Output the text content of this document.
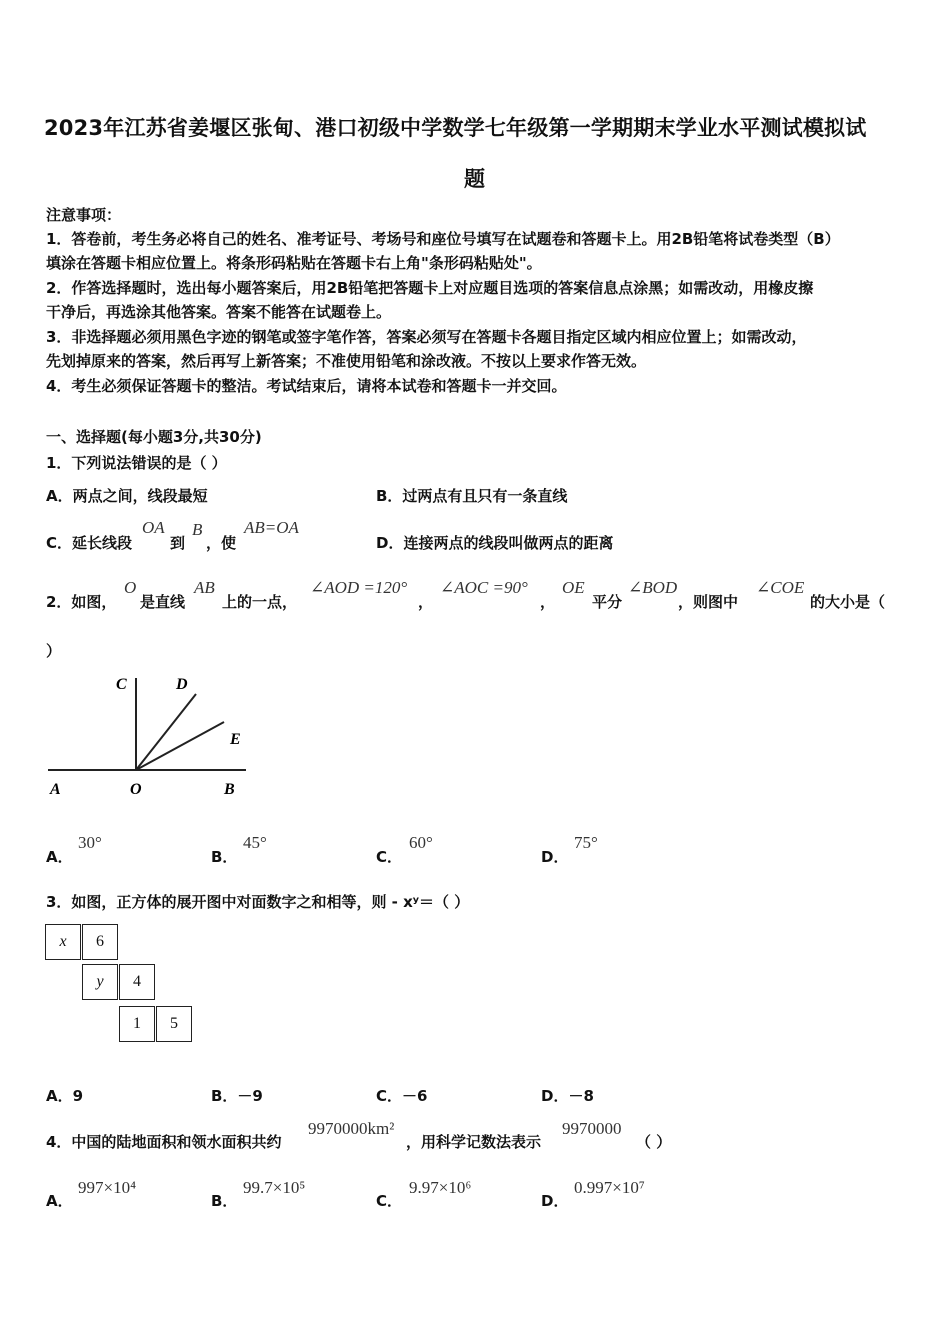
2023年江苏省姜堰区张甸、港口初级中学数学七年级第一学期期末学业水平测试模拟试
题
注意事项：
1．答卷前，考生务必将自己的姓名、准考证号、考场号和座位号填写在试题卷和答题卡上。用2B铅笔将试卷类型（B）
填涂在答题卡相应位置上。将条形码粘贴在答题卡右上角"条形码粘贴处"。
2．作答选择题时，选出每小题答案后，用2B铅笔把答题卡上对应题目选项的答案信息点涂黑；如需改动，用橡皮擦
干净后，再选涂其他答案。答案不能答在试题卷上。
3．非选择题必须用黑色字迹的钢笔或签字笔作答，答案必须写在答题卡各题目指定区域内相应位置上；如需改动，
先划掉原来的答案，然后再写上新答案；不准使用铅笔和涂改液。不按以上要求作答无效。
4．考生必须保证答题卡的整洁。考试结束后，请将本试卷和答题卡一并交回。
一、选择题(每小题3分,共30分)
1．下列说法错误的是（ ）
A．两点之间，线段最短	B．过两点有且只有一条直线
C．延长线段
OA
到
B
，使
AB=OA
D．连接两点的线段叫做两点的距离
2．如图，
O
是直线
AB
上的一点，
∠AOD =120°
，
∠AOC =90°
，
OE
平分
∠BOD
，则图中
∠COE
的大小是（
）
C	D
E
A	O	B
A．
30°
B．
45°
C．
60°
D．
75°
3．如图，正方体的展开图中对面数字之和相等，则 - xʸ＝（ ）
x	6
y	4
1	5
A．9	B．－9	C．－6	D．－8
4．中国的陆地面积和领水面积共约
9970000km²
，用科学记数法表示
9970000
（ ）
A．
997×10⁴
B．
99.7×10⁵
C．
9.97×10⁶
D．
0.997×10⁷
